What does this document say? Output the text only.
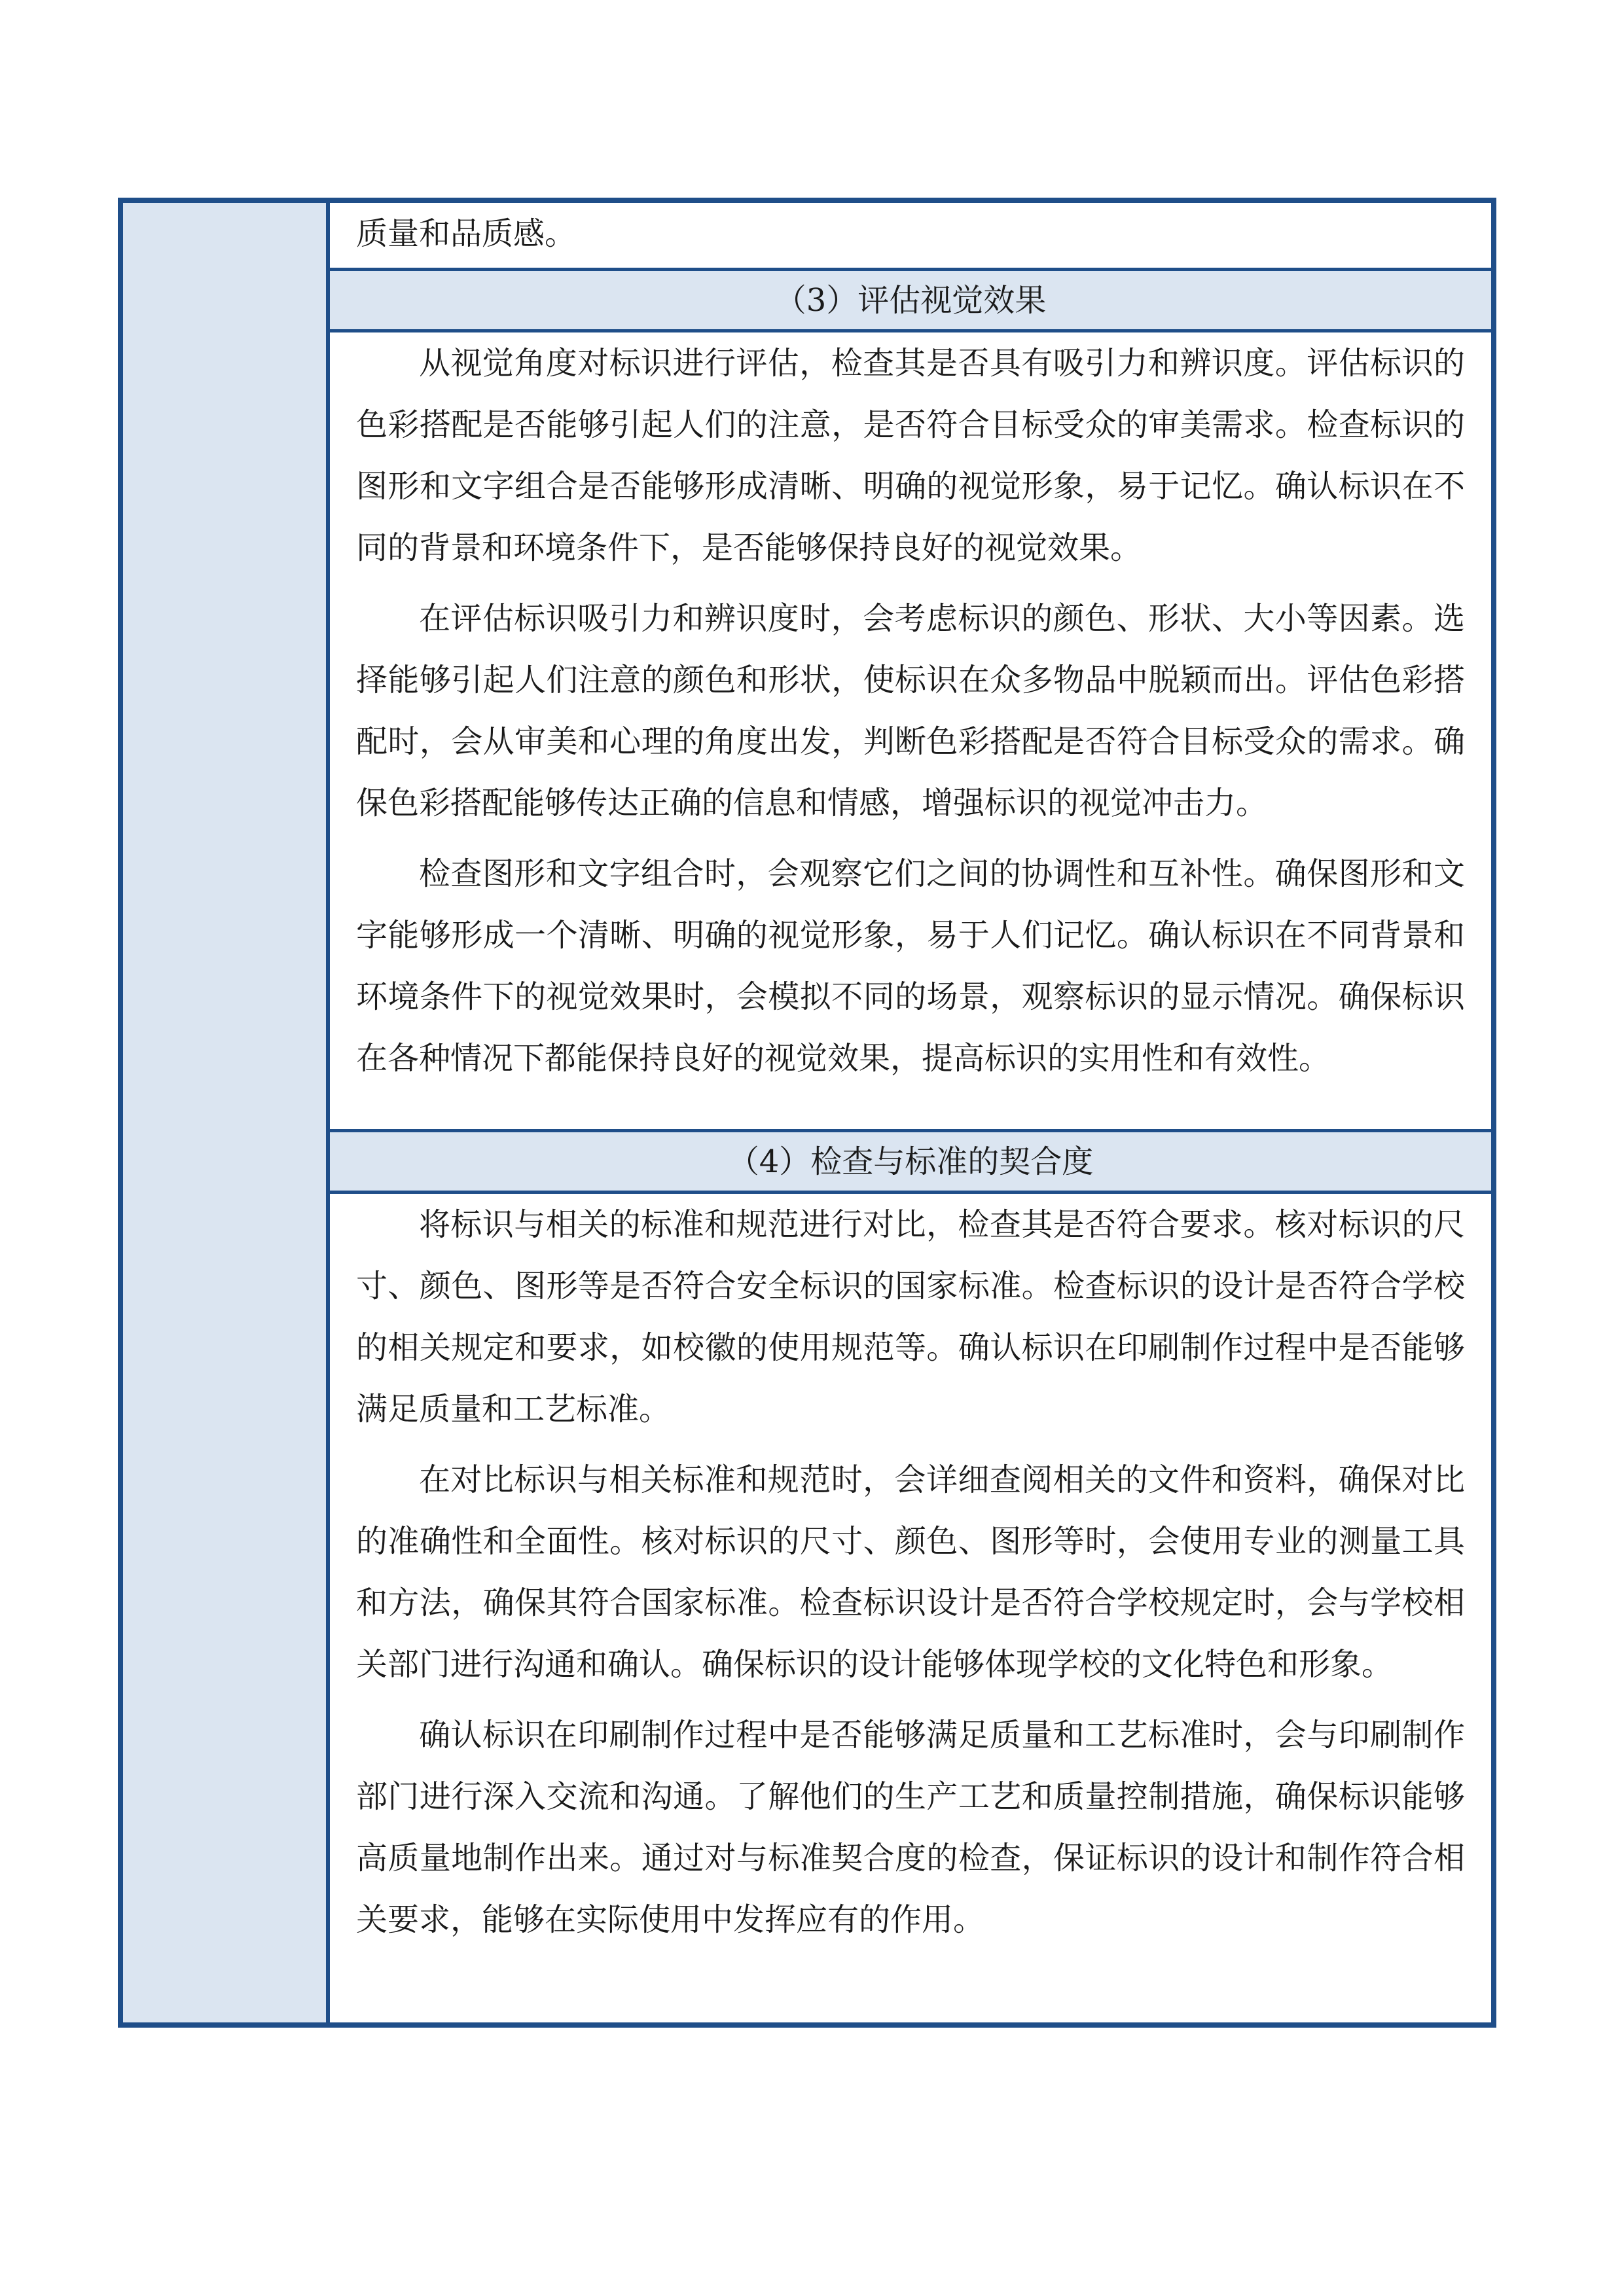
质量和品质感。

（3）评估视觉效果

从视觉角度对标识进行评估，检查其是否具有吸引力和辨识度。评估标识的色彩搭配是否能够引起人们的注意，是否符合目标受众的审美需求。检查标识的图形和文字组合是否能够形成清晰、明确的视觉形象，易于记忆。确认标识在不同的背景和环境条件下，是否能够保持良好的视觉效果。

在评估标识吸引力和辨识度时，会考虑标识的颜色、形状、大小等因素。选择能够引起人们注意的颜色和形状，使标识在众多物品中脱颖而出。评估色彩搭配时，会从审美和心理的角度出发，判断色彩搭配是否符合目标受众的需求。确保色彩搭配能够传达正确的信息和情感，增强标识的视觉冲击力。

检查图形和文字组合时，会观察它们之间的协调性和互补性。确保图形和文字能够形成一个清晰、明确的视觉形象，易于人们记忆。确认标识在不同背景和环境条件下的视觉效果时，会模拟不同的场景，观察标识的显示情况。确保标识在各种情况下都能保持良好的视觉效果，提高标识的实用性和有效性。

（4）检查与标准的契合度

将标识与相关的标准和规范进行对比，检查其是否符合要求。核对标识的尺寸、颜色、图形等是否符合安全标识的国家标准。检查标识的设计是否符合学校的相关规定和要求，如校徽的使用规范等。确认标识在印刷制作过程中是否能够满足质量和工艺标准。

在对比标识与相关标准和规范时，会详细查阅相关的文件和资料，确保对比的准确性和全面性。核对标识的尺寸、颜色、图形等时，会使用专业的测量工具和方法，确保其符合国家标准。检查标识设计是否符合学校规定时，会与学校相关部门进行沟通和确认。确保标识的设计能够体现学校的文化特色和形象。

确认标识在印刷制作过程中是否能够满足质量和工艺标准时，会与印刷制作部门进行深入交流和沟通。了解他们的生产工艺和质量控制措施，确保标识能够高质量地制作出来。通过对与标准契合度的检查，保证标识的设计和制作符合相关要求，能够在实际使用中发挥应有的作用。
